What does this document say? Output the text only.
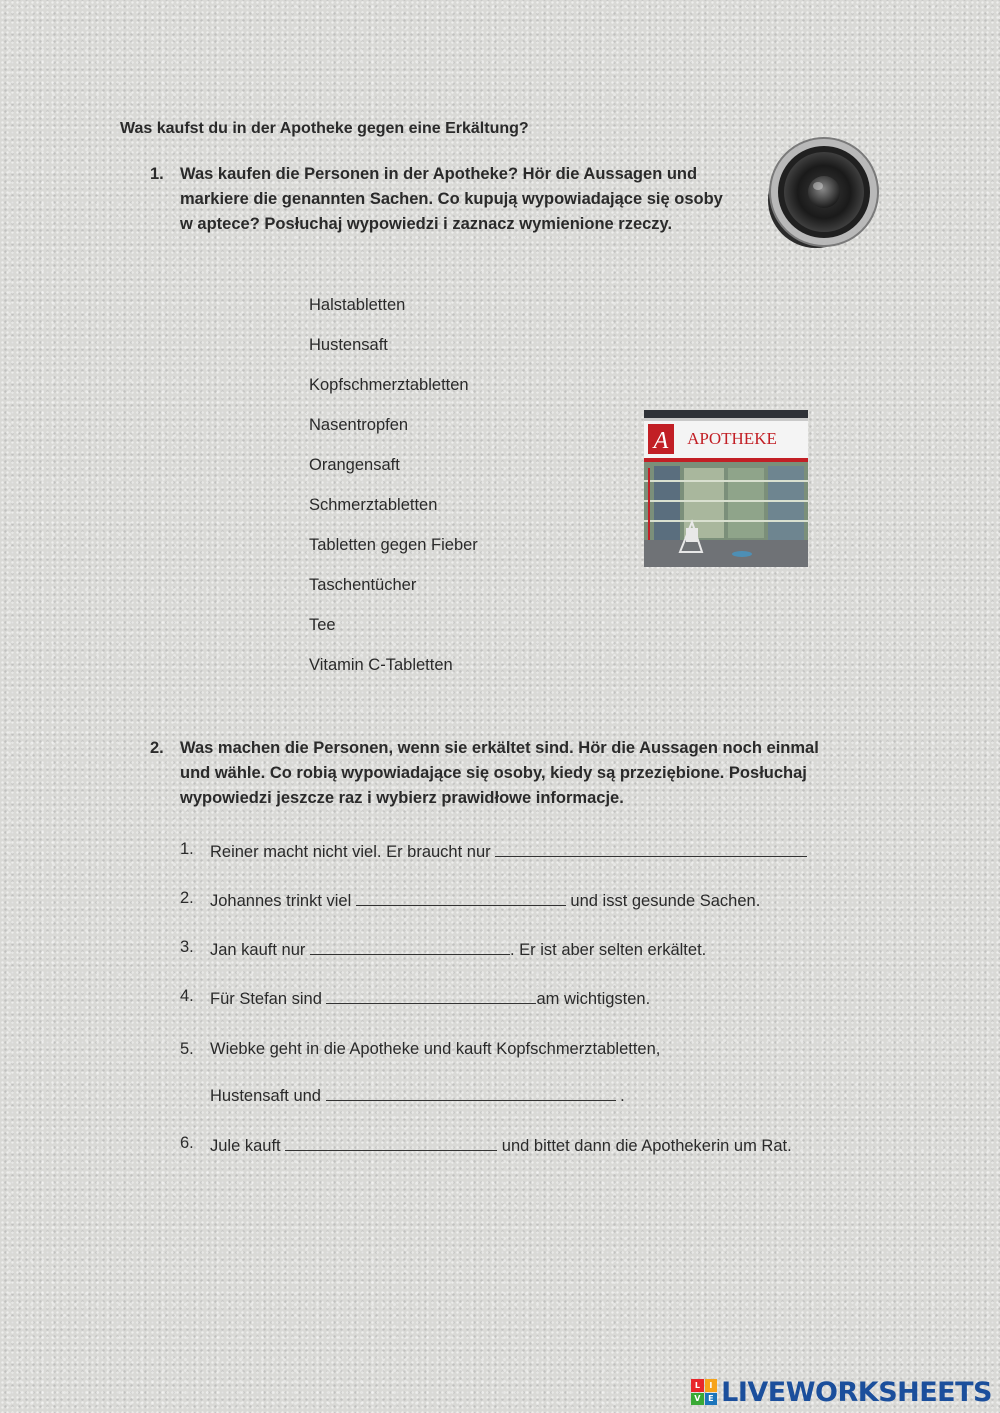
Was kaufst du in der Apotheke gegen eine Erkältung?
1. Was kaufen die Personen in der Apotheke? Hör die Aussagen und markiere die genannten Sachen. Co kupują wypowiadające się osoby w aptece? Posłuchaj wypowiedzi i zaznacz wymienione rzeczy.
Halstabletten
Hustensaft
Kopfschmerztabletten
Nasentropfen
Orangensaft
Schmerztabletten
Tabletten gegen Fieber
Taschentücher
Tee
Vitamin C-Tabletten
A APOTHEKE
2. Was machen die Personen, wenn sie erkältet sind. Hör die Aussagen noch einmal und wähle. Co robią wypowiadające się osoby, kiedy są przeziębione. Posłuchaj wypowiedzi jeszcze raz i wybierz prawidłowe informacje.
1. Reiner macht nicht viel. Er braucht nur
2. Johannes trinkt viel	und isst gesunde Sachen.
3. Jan kauft nur	. Er ist aber selten erkältet.
4. Für Stefan sind	am wichtigsten.
5. Wiebke geht in die Apotheke und kauft Kopfschmerztabletten,
Hustensaft und	.
6. Jule kauft	und bittet dann die Apothekerin um Rat.
L	I
V E LIVEWORKSHEETS
